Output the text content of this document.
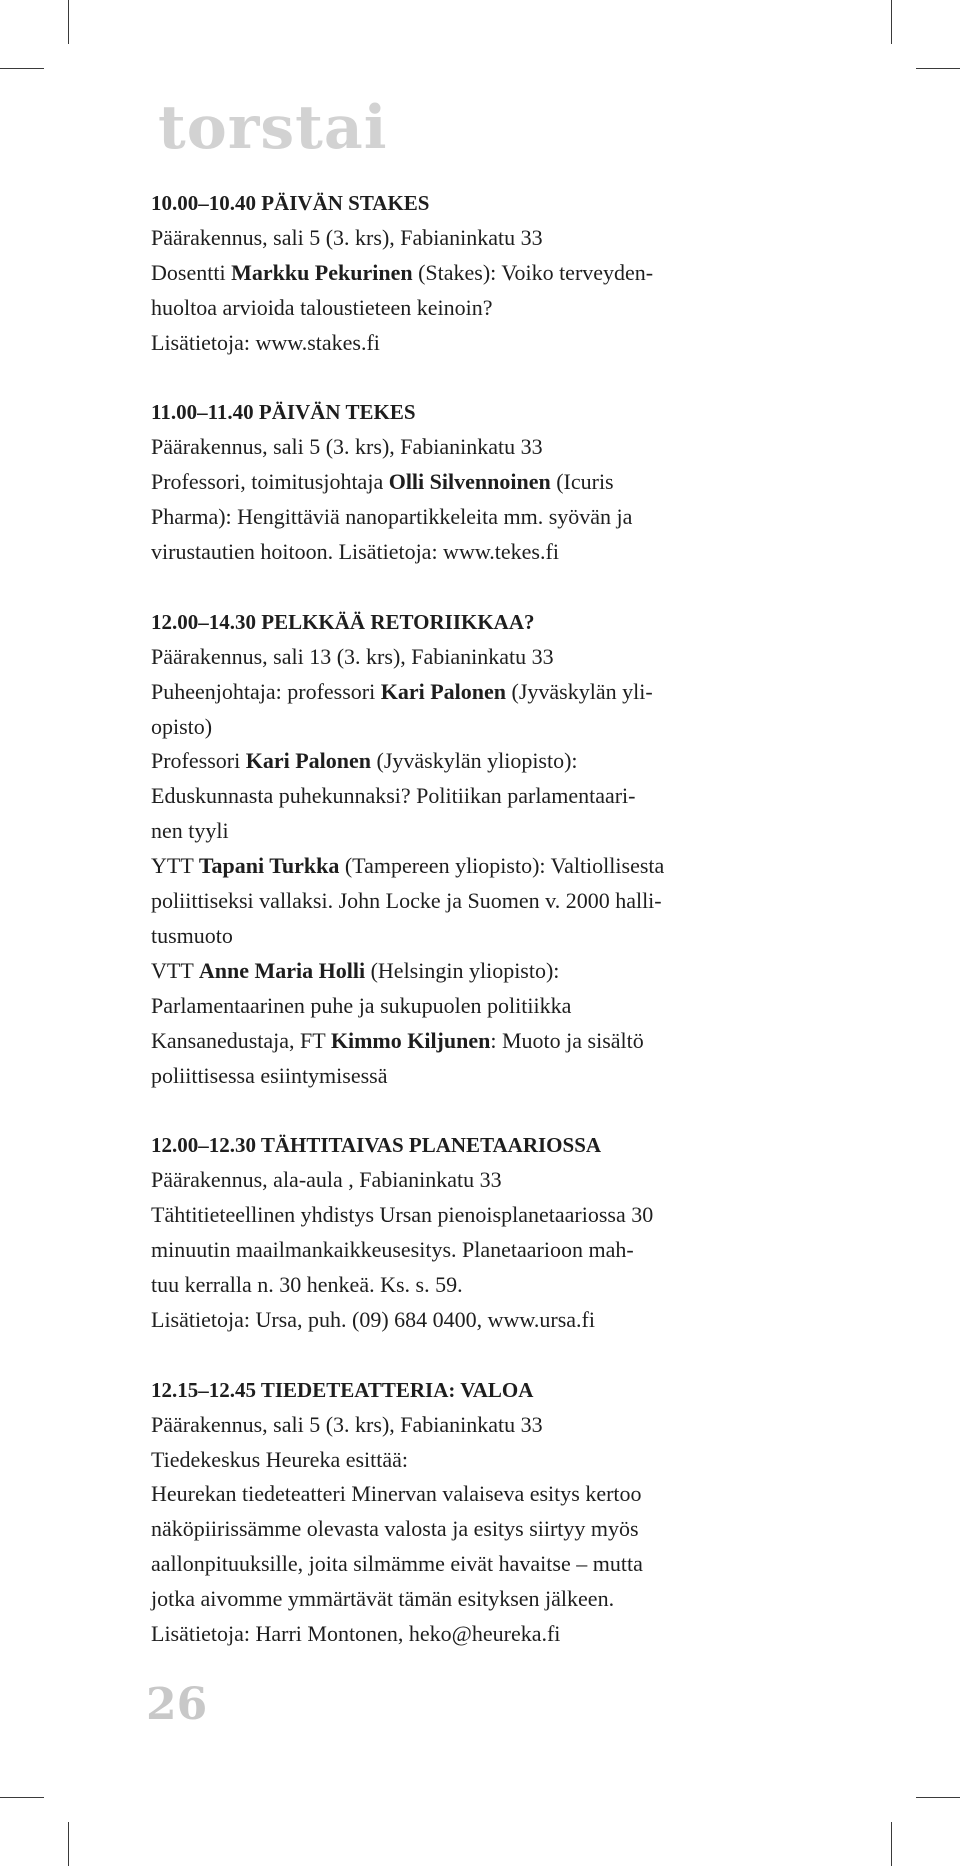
torstai

10.00–10.40 PÄIVÄN STAKES

Päärakennus, sali 5 (3. krs), Fabianinkatu 33

Dosentti Markku Pekurinen (Stakes): Voiko terveyden-

huoltoa arvioida taloustieteen keinoin?

Lisätietoja: www.stakes.fi

11.00–11.40 PÄIVÄN TEKES

Päärakennus, sali 5 (3. krs), Fabianinkatu 33

Professori, toimitusjohtaja Olli Silvennoinen (Icuris

Pharma): Hengittäviä nanopartikkeleita mm. syövän ja

virustautien hoitoon. Lisätietoja: www.tekes.fi

12.00–14.30 PELKKÄÄ RETORIIKKAA?

Päärakennus, sali 13 (3. krs), Fabianinkatu 33

Puheenjohtaja: professori Kari Palonen (Jyväskylän yli-

opisto)

Professori Kari Palonen (Jyväskylän yliopisto):

Eduskunnasta puhekunnaksi? Politiikan parlamentaari-

nen tyyli

YTT Tapani Turkka (Tampereen yliopisto): Valtiollisesta

poliittiseksi vallaksi. John Locke ja Suomen v. 2000 halli-

tusmuoto

VTT Anne Maria Holli (Helsingin yliopisto):

Parlamentaarinen puhe ja sukupuolen politiikka

Kansanedustaja, FT Kimmo Kiljunen: Muoto ja sisältö

poliittisessa esiintymisessä

12.00–12.30 TÄHTITAIVAS PLANETAARIOSSA

Päärakennus, ala-aula , Fabianinkatu 33

Tähtitieteellinen yhdistys Ursan pienoisplanetaariossa 30

minuutin maailmankaikkeusesitys. Planetaarioon mah-

tuu kerralla n. 30 henkeä. Ks. s. 59.

Lisätietoja: Ursa, puh. (09) 684 0400, www.ursa.fi

12.15–12.45 TIEDETEATTERIA: VALOA

Päärakennus, sali 5 (3. krs), Fabianinkatu 33

Tiedekeskus Heureka esittää:

Heurekan tiedeteatteri Minervan valaiseva esitys kertoo

näköpiirissämme olevasta valosta ja esitys siirtyy myös

aallonpituuksille, joita silmämme eivät havaitse – mutta

jotka aivomme ymmärtävät tämän esityksen jälkeen.

Lisätietoja: Harri Montonen, heko@heureka.fi

26
